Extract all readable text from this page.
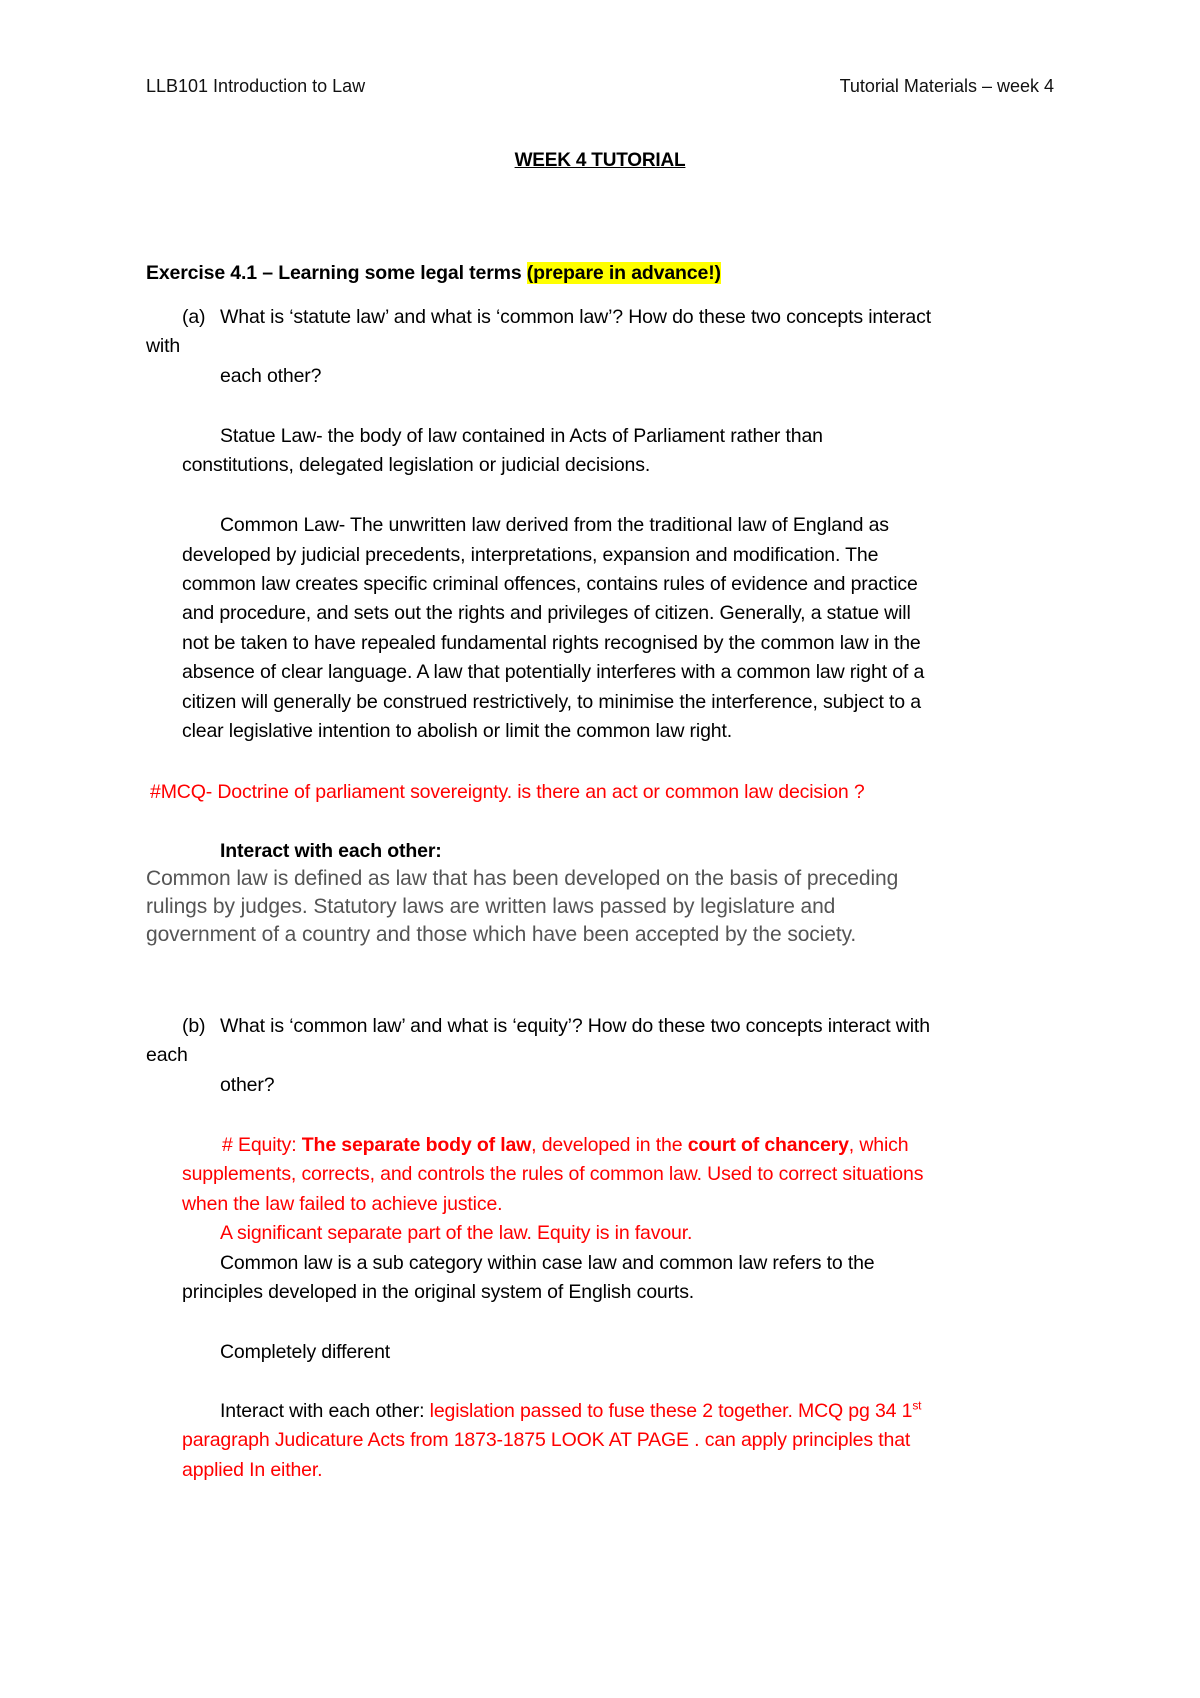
LLB101 Introduction to Law	Tutorial Materials – week 4
WEEK 4 TUTORIAL
Exercise 4.1 – Learning some legal terms (prepare in advance!)
(a) What is ‘statute law’ and what is ‘common law’? How do these two concepts interact
with
each other?
Statue Law- the body of law contained in Acts of Parliament rather than
constitutions, delegated legislation or judicial decisions.
Common Law- The unwritten law derived from the traditional law of England as
developed by judicial precedents, interpretations, expansion and modification. The
common law creates specific criminal offences, contains rules of evidence and practice
and procedure, and sets out the rights and privileges of citizen. Generally, a statue will
not be taken to have repealed fundamental rights recognised by the common law in the
absence of clear language. A law that potentially interferes with a common law right of a
citizen will generally be construed restrictively, to minimise the interference, subject to a
clear legislative intention to abolish or limit the common law right.
#MCQ- Doctrine of parliament sovereignty. is there an act or common law decision ?
Interact with each other:
Common law is defined as law that has been developed on the basis of preceding
rulings by judges. Statutory laws are written laws passed by legislature and
government of a country and those which have been accepted by the society.
(b) What is ‘common law’ and what is ‘equity’? How do these two concepts interact with
each
other?
# Equity: The separate body of law, developed in the court of chancery, which
supplements, corrects, and controls the rules of common law. Used to correct situations
when the law failed to achieve justice.
A significant separate part of the law. Equity is in favour.
Common law is a sub category within case law and common law refers to the
principles developed in the original system of English courts.
Completely different
Interact with each other: legislation passed to fuse these 2 together. MCQ pg 34 1st
paragraph Judicature Acts from 1873-1875 LOOK AT PAGE . can apply principles that
applied In either.
